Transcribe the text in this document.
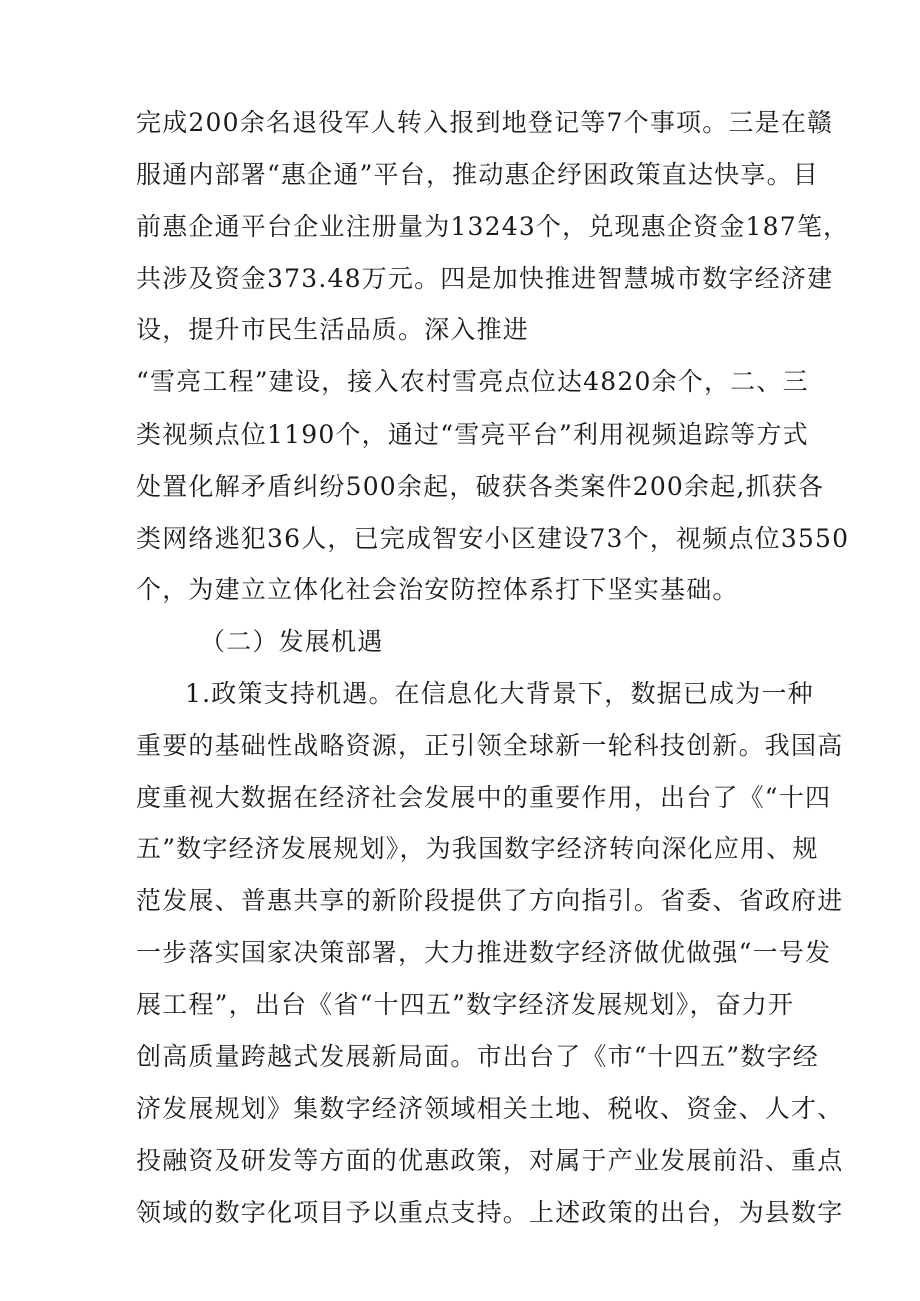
完成200余名退役军人转入报到地登记等7个事项。三是在赣
服通内部署“惠企通”平台，推动惠企纾困政策直达快享。目
前惠企通平台企业注册量为13243个，兑现惠企资金187笔，
共涉及资金373.48万元。四是加快推进智慧城市数字经济建
设，提升市民生活品质。深入推进
“雪亮工程”建设，接入农村雪亮点位达4820余个，二、三
类视频点位1190个，通过“雪亮平台”利用视频追踪等方式
处置化解矛盾纠纷500余起，破获各类案件200余起,抓获各
类网络逃犯36人，已完成智安小区建设73个，视频点位3550
个，为建立立体化社会治安防控体系打下坚实基础。
（二）发展机遇
1.政策支持机遇。在信息化大背景下，数据已成为一种
重要的基础性战略资源，正引领全球新一轮科技创新。我国高
度重视大数据在经济社会发展中的重要作用，出台了《“十四
五”数字经济发展规划》，为我国数字经济转向深化应用、规
范发展、普惠共享的新阶段提供了方向指引。省委、省政府进
一步落实国家决策部署，大力推进数字经济做优做强“一号发
展工程”，出台《省“十四五”数字经济发展规划》，奋力开
创高质量跨越式发展新局面。市出台了《市“十四五”数字经
济发展规划》集数字经济领域相关土地、税收、资金、人才、
投融资及研发等方面的优惠政策，对属于产业发展前沿、重点
领域的数字化项目予以重点支持。上述政策的出台，为县数字
